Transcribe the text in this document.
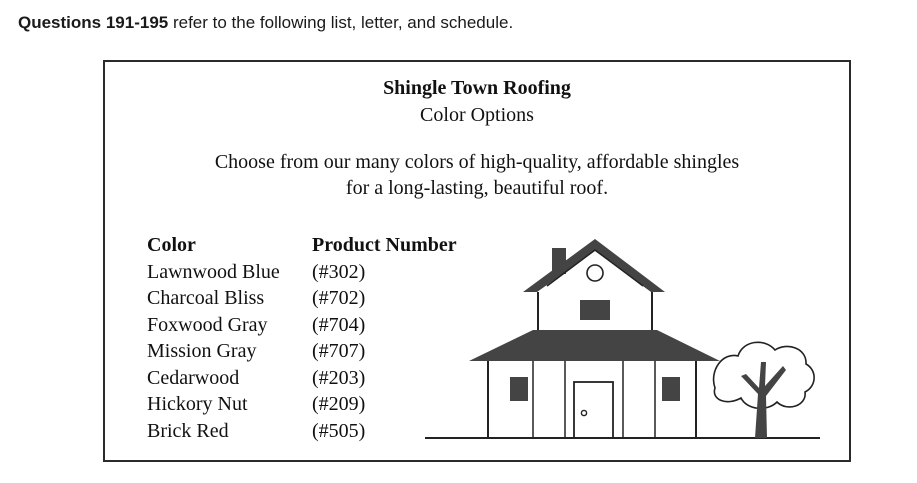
Questions 191-195 refer to the following list, letter, and schedule.
Shingle Town Roofing
Color Options
Choose from our many colors of high-quality, affordable shingles
for a long-lasting, beautiful roof.
Color	Product Number
Lawnwood Blue	(#302)
Charcoal Bliss	(#702)
Foxwood Gray	(#704)
Mission Gray	(#707)
Cedarwood	(#203)
Hickory Nut	(#209)
Brick Red	(#505)
